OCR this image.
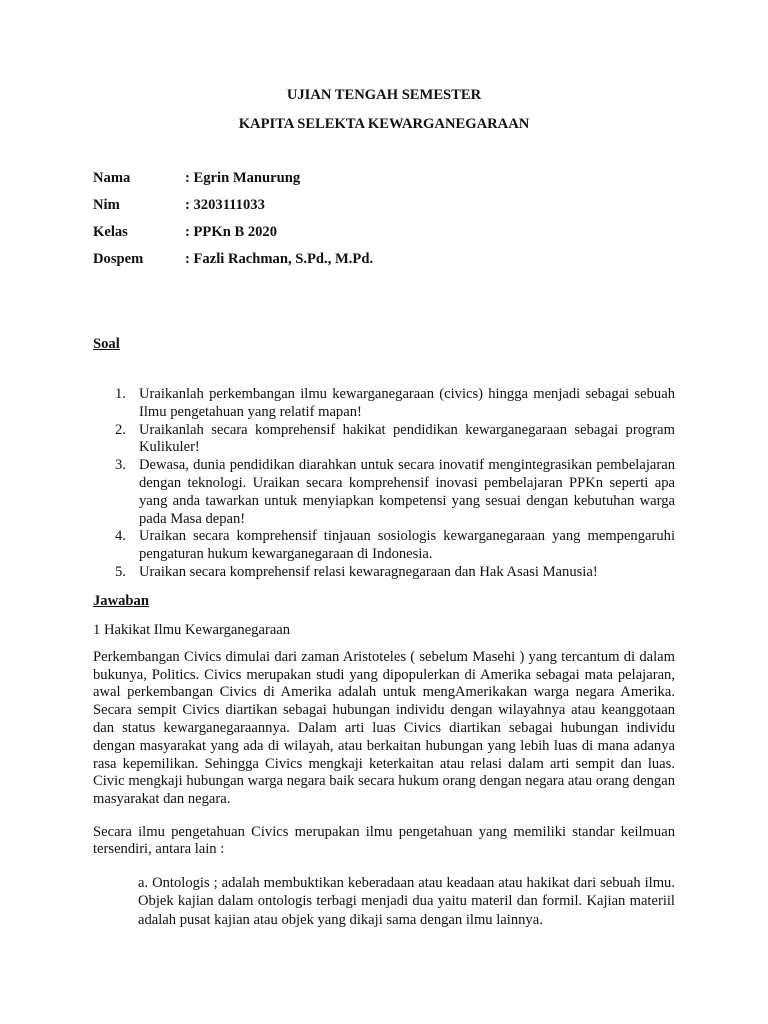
UJIAN TENGAH SEMESTER

KAPITA SELEKTA KEWARGANEGARAAN

Nama	: Egrin Manurung
Nim	: 3203111033
Kelas	: PPKn B 2020
Dospem	: Fazli Rachman, S.Pd., M.Pd.
Soal
1. Uraikanlah perkembangan ilmu kewarganegaraan (civics) hingga menjadi sebagai sebuah Ilmu pengetahuan yang relatif mapan!
2. Uraikanlah secara komprehensif hakikat pendidikan kewarganegaraan sebagai program Kulikuler!
3. Dewasa, dunia pendidikan diarahkan untuk secara inovatif mengintegrasikan pembelajaran dengan teknologi. Uraikan secara komprehensif inovasi pembelajaran PPKn seperti apa yang anda tawarkan untuk menyiapkan kompetensi yang sesuai dengan kebutuhan warga pada Masa depan!
4. Uraikan secara komprehensif tinjauan sosiologis kewarganegaraan yang mempengaruhi pengaturan hukum kewarganegaraan di Indonesia.
5. Uraikan secara komprehensif relasi kewaragnegaraan dan Hak Asasi Manusia!
Jawaban
1 Hakikat Ilmu Kewarganegaraan

Perkembangan Civics dimulai dari zaman Aristoteles ( sebelum Masehi ) yang tercantum di dalam bukunya, Politics. Civics merupakan studi yang dipopulerkan di Amerika sebagai mata pelajaran, awal perkembangan Civics di Amerika adalah untuk mengAmerikakan warga negara Amerika. Secara sempit Civics diartikan sebagai hubungan individu dengan wilayahnya atau keanggotaan dan status kewarganegaraannya. Dalam arti luas Civics diartikan sebagai hubungan individu dengan masyarakat yang ada di wilayah, atau berkaitan hubungan yang lebih luas di mana adanya rasa kepemilikan. Sehingga Civics mengkaji keterkaitan atau relasi dalam arti sempit dan luas. Civic mengkaji hubungan warga negara baik secara hukum orang dengan negara atau orang dengan masyarakat dan negara.

Secara ilmu pengetahuan Civics merupakan ilmu pengetahuan yang memiliki standar keilmuan tersendiri, antara lain :

a. Ontologis ; adalah membuktikan keberadaan atau keadaan atau hakikat dari sebuah ilmu. Objek kajian dalam ontologis terbagi menjadi dua yaitu materil dan formil. Kajian materiil adalah pusat kajian atau objek yang dikaji sama dengan ilmu lainnya.
